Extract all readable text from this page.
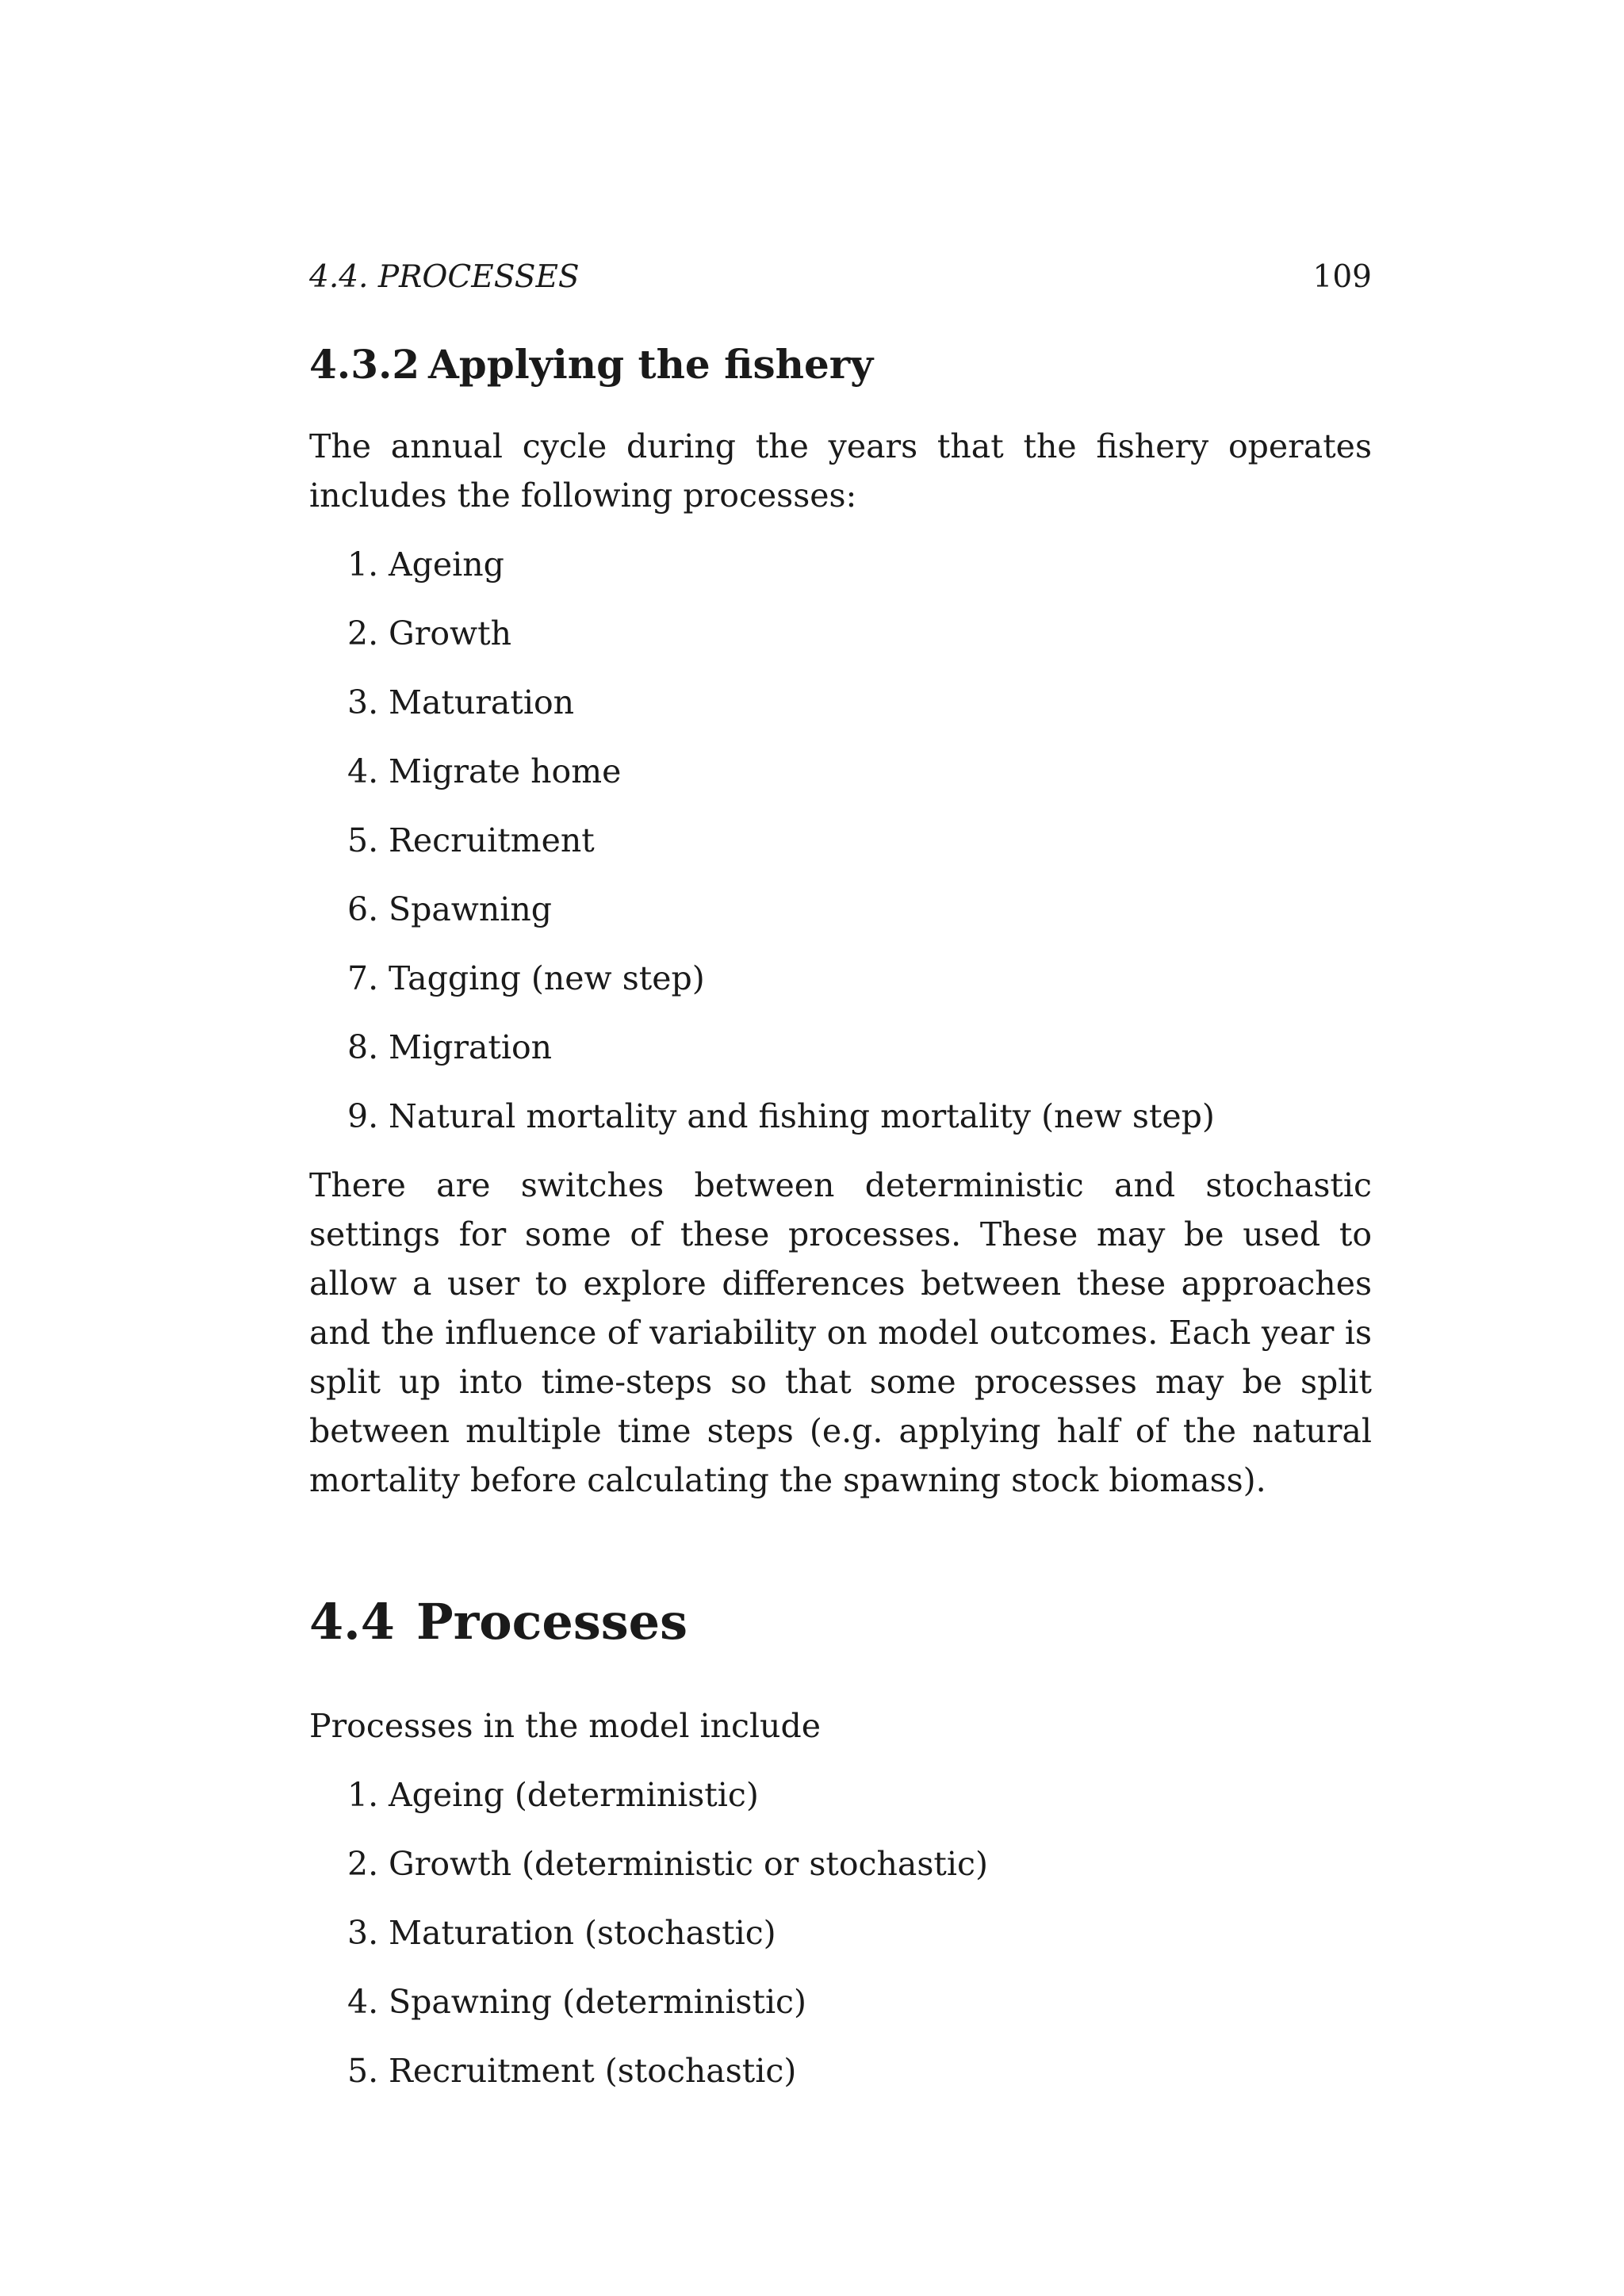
4.4. PROCESSES	109
4.3.2 Applying the fishery

The annual cycle during the years that the fishery operates includes the following processes:

1. Ageing
2. Growth
3. Maturation
4. Migrate home
5. Recruitment
6. Spawning
7. Tagging (new step)
8. Migration
9. Natural mortality and fishing mortality (new step)

There are switches between deterministic and stochastic settings for some of these processes. These may be used to allow a user to explore differences between these approaches and the influence of variability on model outcomes. Each year is split up into time-steps so that some processes may be split between multiple time steps (e.g. applying half of the natural mortality before calculating the spawning stock biomass).

4.4 Processes

Processes in the model include

1. Ageing (deterministic)
2. Growth (deterministic or stochastic)
3. Maturation (stochastic)
4. Spawning (deterministic)
5. Recruitment (stochastic)
